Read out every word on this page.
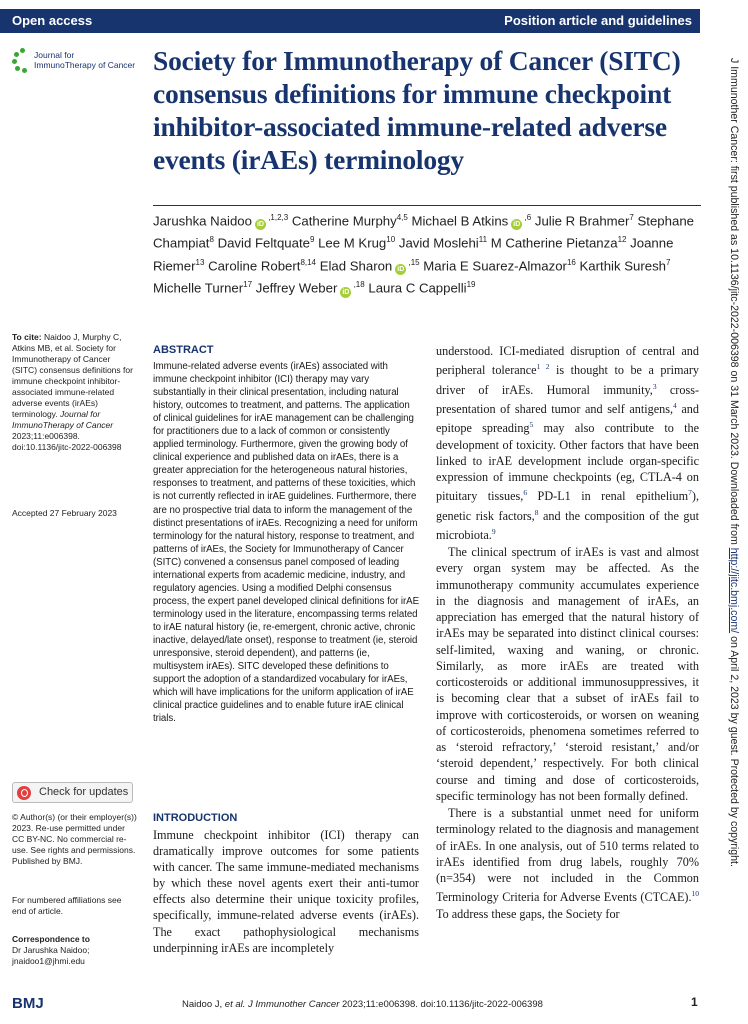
Open access	Position article and guidelines
Journal for
ImmunoTherapy of Cancer Society for Immunotherapy of Cancer (SITC) consensus definitions for immune checkpoint inhibitor-associated immune-related adverse events (irAEs) terminology
Jarushka Naidoo iD $^{,1,2,3}$ Catherine Murphy$^{4,5}$ Michael B Atkins iD $^{,6}$ Julie R Brahmer$^7$ Stephane Champiat$^8$ David Feltquate$^9$ Lee M Krug$^{10}$ Javid Moslehi$^{11}$ M Catherine Pietanza$^{12}$ Joanne Riemer$^{13}$ Caroline Robert$^{8,14}$ Elad Sharon iD $^{,15}$ Maria E Suarez-Almazor$^{16}$ Karthik Suresh$^7$ Michelle Turner$^{17}$ Jeffrey Weber iD $^{,18}$ Laura C Cappelli$^{19}$
To cite: Naidoo J, Murphy C, Atkins MB, et al. Society for Immunotherapy of Cancer (SITC) consensus definitions for immune checkpoint inhibitor-associated immune-related adverse events (irAEs) terminology. Journal for ImmunoTherapy of Cancer 2023;11:e006398. doi:10.1136/jitc-2022-006398
Accepted 27 February 2023
Check for updates
© Author(s) (or their employer(s)) 2023. Re-use permitted under CC BY-NC. No commercial re-use. See rights and permissions. Published by BMJ.
For numbered affiliations see end of article.
Correspondence to
Dr Jarushka Naidoo;
jnaidoo1@jhmi.edu
ABSTRACT
Immune-related adverse events (irAEs) associated with immune checkpoint inhibitor (ICI) therapy may vary substantially in their clinical presentation, including natural history, outcomes to treatment, and patterns. The application of clinical guidelines for irAE management can be challenging for practitioners due to a lack of common or consistently applied terminology. Furthermore, given the growing body of clinical experience and published data on irAEs, there is a greater appreciation for the heterogeneous natural histories, responses to treatment, and patterns of these toxicities, which is not currently reflected in irAE guidelines. Furthermore, there are no prospective trial data to inform the management of the distinct presentations of irAEs. Recognizing a need for uniform terminology for the natural history, response to treatment, and patterns of irAEs, the Society for Immunotherapy of Cancer (SITC) convened a consensus panel composed of leading international experts from academic medicine, industry, and regulatory agencies. Using a modified Delphi consensus process, the expert panel developed clinical definitions for irAE terminology used in the literature, encompassing terms related to irAE natural history (ie, re-emergent, chronic active, chronic inactive, delayed/late onset), response to treatment (ie, steroid unresponsive, steroid dependent), and patterns (ie, multisystem irAEs). SITC developed these definitions to support the adoption of a standardized vocabulary for irAEs, which will have implications for the uniform application of irAE clinical practice guidelines and to enable future irAE clinical trials.
INTRODUCTION
Immune checkpoint inhibitor (ICI) therapy can dramatically improve outcomes for some patients with cancer. The same immune-mediated mechanisms by which these novel agents exert their anti-tumor effects also determine their unique toxicity profiles, specifically, immune-related adverse events (irAEs). The exact pathophysiological mechanisms underpinning irAEs are incompletely

understood. ICI-mediated disruption of central and peripheral tolerance$^{1 2}$ is thought to be a primary driver of irAEs. Humoral immunity,$^3$ cross-presentation of shared tumor and self antigens,$^4$ and epitope spreading$^5$ may also contribute to the development of toxicity. Other factors that have been linked to irAE development include organ-specific expression of immune checkpoints (eg, CTLA-4 on pituitary tissues,$^6$ PD-L1 in renal epithelium$^7$), genetic risk factors,$^8$ and the composition of the gut microbiota.$^9$

The clinical spectrum of irAEs is vast and almost every organ system may be affected. As the immunotherapy community accumulates experience in the diagnosis and management of irAEs, an appreciation has emerged that the natural history of irAEs may be separated into distinct clinical courses: self-limited, waxing and waning, or chronic. Similarly, as more irAEs are treated with corticosteroids or additional immunosuppressives, it is becoming clear that a subset of irAEs fail to improve with corticosteroids, or worsen on weaning of corticosteroids, phenomena sometimes referred to as ‘steroid refractory,’ ‘steroid resistant,’ and/or ‘steroid dependent,’ respectively. For both clinical course and timing and dose of corticosteroids, specific terminology has not been formally defined.

There is a substantial unmet need for uniform terminology related to the diagnosis and management of irAEs. In one analysis, out of 510 terms related to irAEs identified from drug labels, roughly 70% (n=354) were not included in the Common Terminology Criteria for Adverse Events (CTCAE).$^{10}$ To address these gaps, the Society for

J Immunother Cancer: first published as 10.1136/jitc-2022-006398 on 31 March 2023. Downloaded from http://jitc.bmj.com/ on April 2, 2023 by guest. Protected by copyright.
BMJ	Naidoo J, et al. J Immunother Cancer 2023;11:e006398. doi:10.1136/jitc-2022-006398	1
